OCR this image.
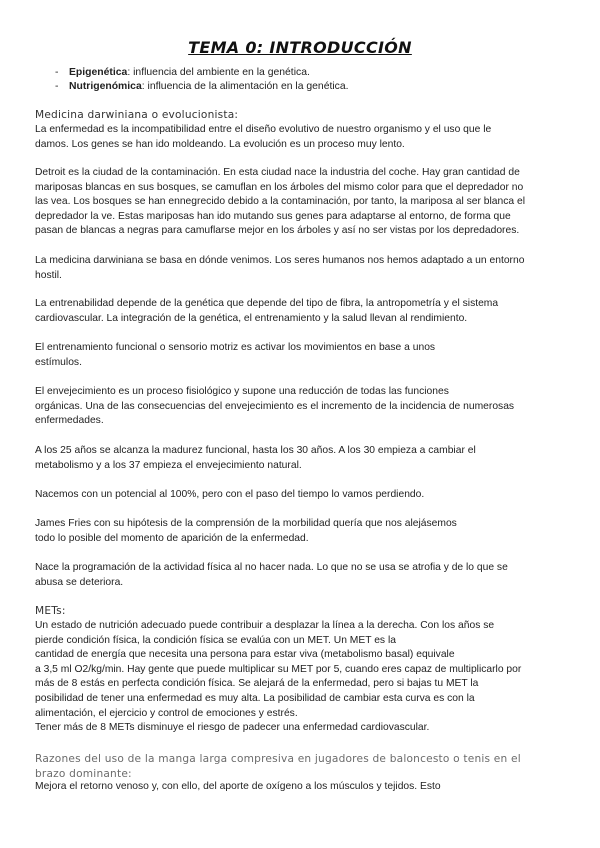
TEMA 0: INTRODUCCIÓN
- Epigenética: influencia del ambiente en la genética.
- Nutrigenómica: influencia de la alimentación en la genética.
Medicina darwiniana o evolucionista:
La enfermedad es la incompatibilidad entre el diseño evolutivo de nuestro organismo y el uso que le
damos. Los genes se han ido moldeando. La evolución es un proceso muy lento.
Detroit es la ciudad de la contaminación. En esta ciudad nace la industria del coche. Hay gran cantidad de
mariposas blancas en sus bosques, se camuflan en los árboles del mismo color para que el depredador no
las vea. Los bosques se han ennegrecido debido a la contaminación, por tanto, la mariposa al ser blanca el
depredador la ve. Estas mariposas han ido mutando sus genes para adaptarse al entorno, de forma que
pasan de blancas a negras para camuflarse mejor en los árboles y así no ser vistas por los depredadores.
La medicina darwiniana se basa en dónde venimos. Los seres humanos nos hemos adaptado a un entorno
hostil.
La entrenabilidad depende de la genética que depende del tipo de fibra, la antropometría y el sistema
cardiovascular. La integración de la genética, el entrenamiento y la salud llevan al rendimiento.
El entrenamiento funcional o sensorio motriz es activar los movimientos en base a unos
estímulos.
El envejecimiento es un proceso fisiológico y supone una reducción de todas las funciones
orgánicas. Una de las consecuencias del envejecimiento es el incremento de la incidencia de numerosas
enfermedades.
A los 25 años se alcanza la madurez funcional, hasta los 30 años. A los 30 empieza a cambiar el
metabolismo y a los 37 empieza el envejecimiento natural.
Nacemos con un potencial al 100%, pero con el paso del tiempo lo vamos perdiendo.
James Fries con su hipótesis de la comprensión de la morbilidad quería que nos alejásemos
todo lo posible del momento de aparición de la enfermedad.
Nace la programación de la actividad física al no hacer nada. Lo que no se usa se atrofia y de lo que se
abusa se deteriora.
METs:
Un estado de nutrición adecuado puede contribuir a desplazar la línea a la derecha. Con los años se
pierde condición física, la condición física se evalúa con un MET. Un MET es la
cantidad de energía que necesita una persona para estar viva (metabolismo basal) equivale
a 3,5 ml O2/kg/min. Hay gente que puede multiplicar su MET por 5, cuando eres capaz de multiplicarlo por
más de 8 estás en perfecta condición física. Se alejará de la enfermedad, pero si bajas tu MET la
posibilidad de tener una enfermedad es muy alta. La posibilidad de cambiar esta curva es con la
alimentación, el ejercicio y control de emociones y estrés.
Tener más de 8 METs disminuye el riesgo de padecer una enfermedad cardiovascular.
Razones del uso de la manga larga compresiva en jugadores de baloncesto o tenis en el
brazo dominante:
Mejora el retorno venoso y, con ello, del aporte de oxígeno a los músculos y tejidos. Esto
